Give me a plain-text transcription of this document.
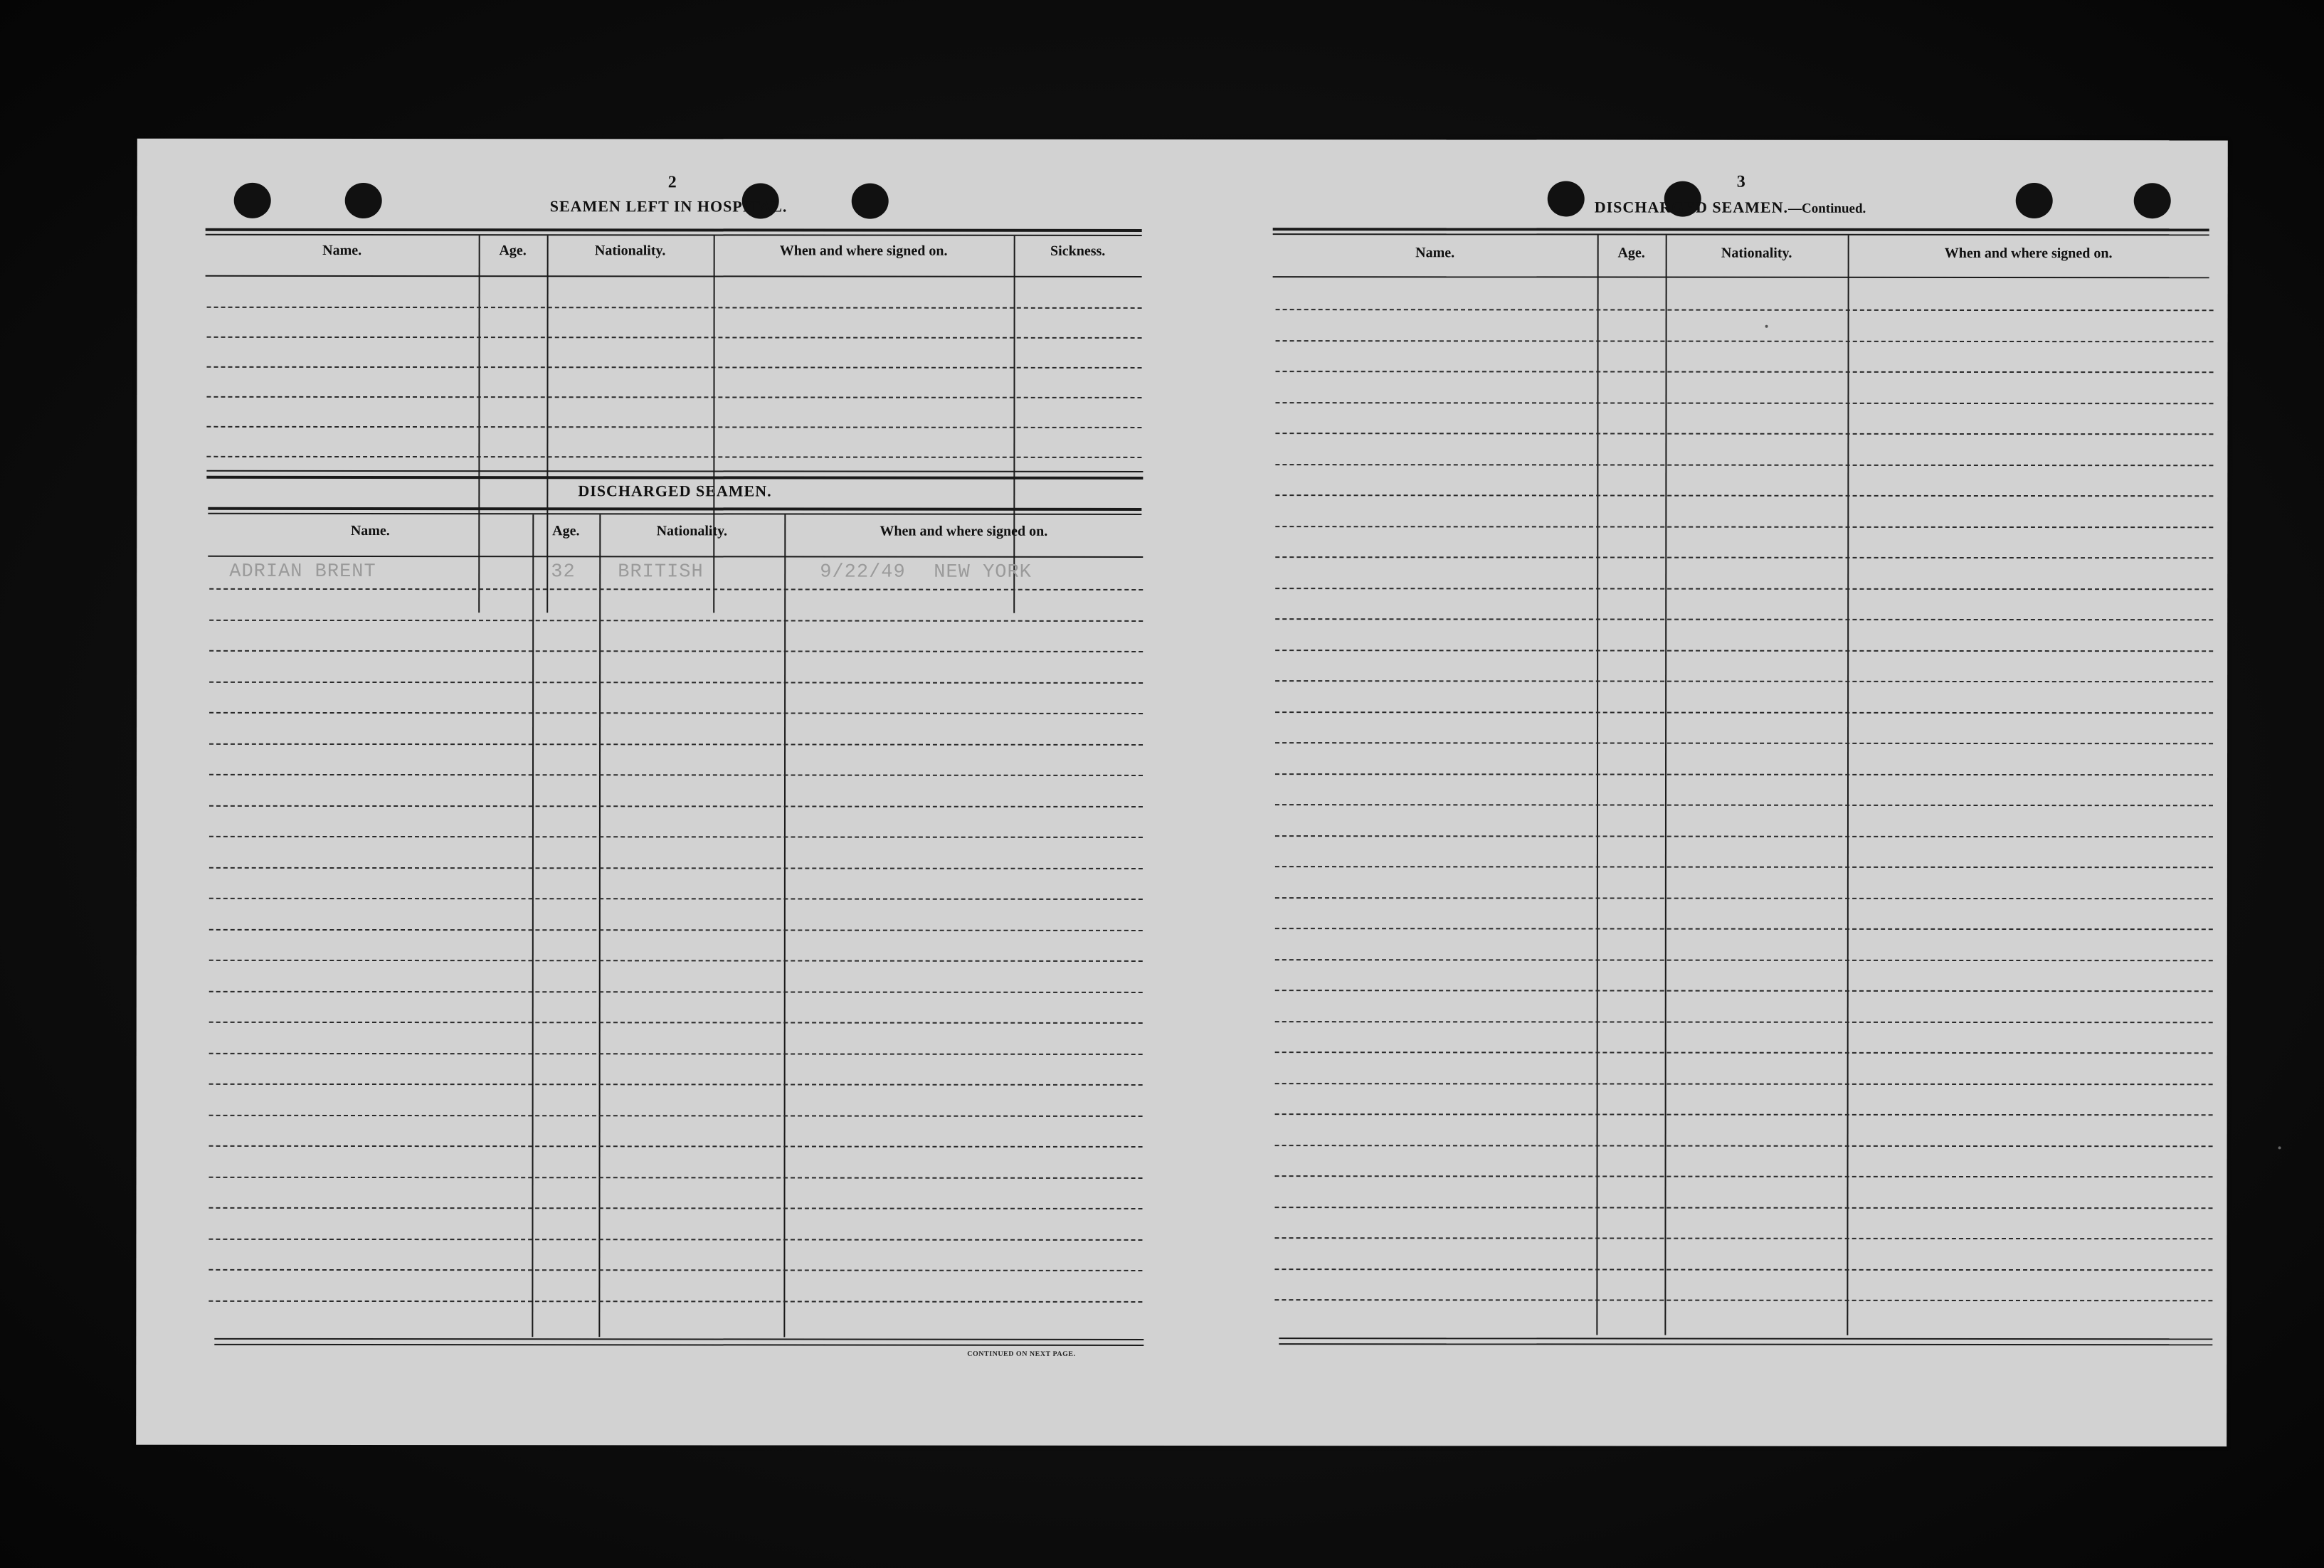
2
SEAMEN LEFT IN HOSPITAL.
Name.	Age.	Nationality.	When and where signed on.	Sickness.
DISCHARGED SEAMEN.
Name.	Age.	Nationality.	When and where signed on.
ADRIAN BRENT	32 BRITISH	9/22/49 NEW YORK
CONTINUED ON NEXT PAGE.
3
DISCHARGED SEAMEN.—Continued.
Name.	Age.	Nationality.	When and where signed on.
